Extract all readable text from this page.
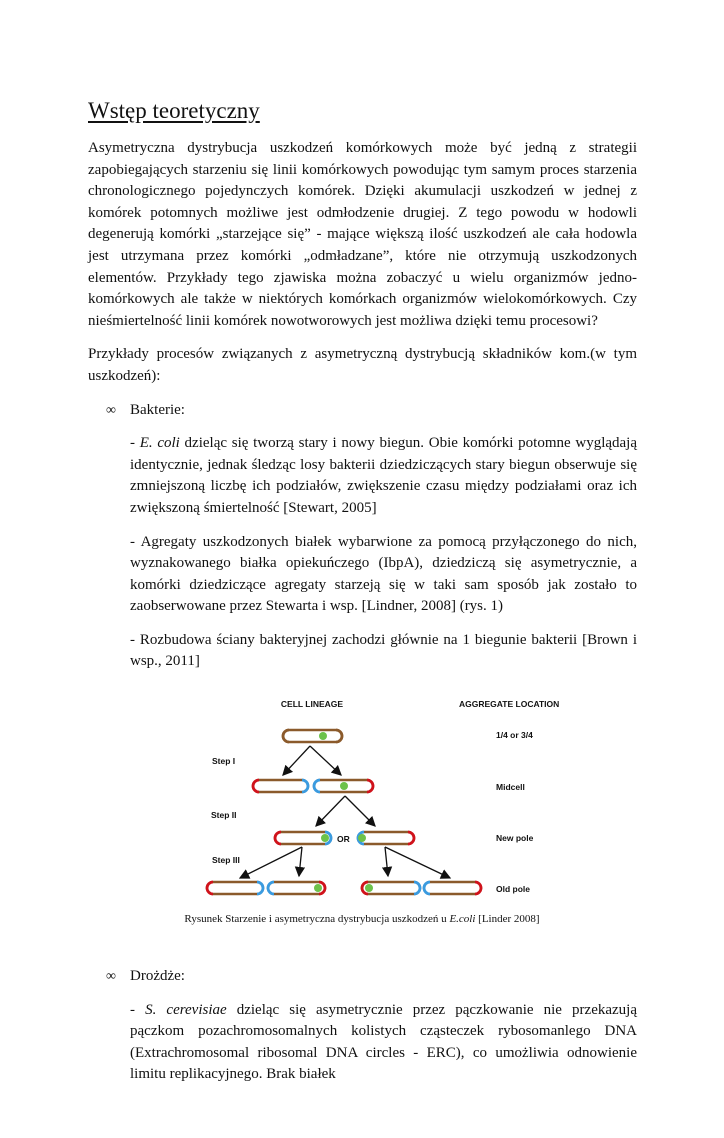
Wstęp teoretyczny
Asymetryczna dystrybucja uszkodzeń komórkowych może być jedną z strategii zapobiegających starzeniu się linii komórkowych powodując tym samym proces starzenia chronologicznego pojedynczych komórek. Dzięki akumulacji uszkodzeń w jednej z komórek potomnych możliwe jest odmłodzenie drugiej. Z tego powodu w hodowli degenerują komórki „starzejące się” - mające większą ilość uszkodzeń ale cała hodowla jest utrzymana przez komórki „odmładzane”, które nie otrzymują uszkodzonych elementów. Przykłady tego zjawiska można zobaczyć u wielu organizmów jedno-komórkowych ale także w niektórych komórkach organizmów wielokomórkowych. Czy nieśmiertelność linii komórek nowotworowych jest możliwa dzięki temu procesowi?
Przykłady procesów związanych z asymetryczną dystrybucją składników kom.(w tym uszkodzeń):
∞ Bakterie:
- E. coli dzieląc się tworzą stary i nowy biegun. Obie komórki potomne wyglądają identycznie, jednak śledząc losy bakterii dziedziczących stary biegun obserwuje się zmniejszoną liczbę ich podziałów, zwiększenie czasu między podziałami oraz ich zwiększoną śmiertelność [Stewart, 2005]
- Agregaty uszkodzonych białek wybarwione za pomocą przyłączonego do nich, wyznakowanego białka opiekuńczego (IbpA), dziedziczą się asymetrycznie, a komórki dziedziczące agregaty starzeją się w taki sam sposób jak zostało to zaobserwowane przez Stewarta i wsp. [Lindner, 2008] (rys. 1)
- Rozbudowa ściany bakteryjnej zachodzi głównie na 1 biegunie bakterii [Brown i wsp., 2011]
CELL LINEAGE	AGGREGATE LOCATION
Step I
Step II
Step III
OR
1/4 or 3/4
Midcell
New pole
Old pole
Rysunek Starzenie i asymetryczna dystrybucja uszkodzeń u E.coli [Linder 2008]
∞ Drożdże:
- S. cerevisiae dzieląc się asymetrycznie przez pączkowanie nie przekazują pączkom pozachromosomalnych kolistych cząsteczek rybosomanlego DNA (Extrachromosomal ribosomal DNA circles - ERC), co umożliwia odnowienie limitu replikacyjnego. Brak białek
